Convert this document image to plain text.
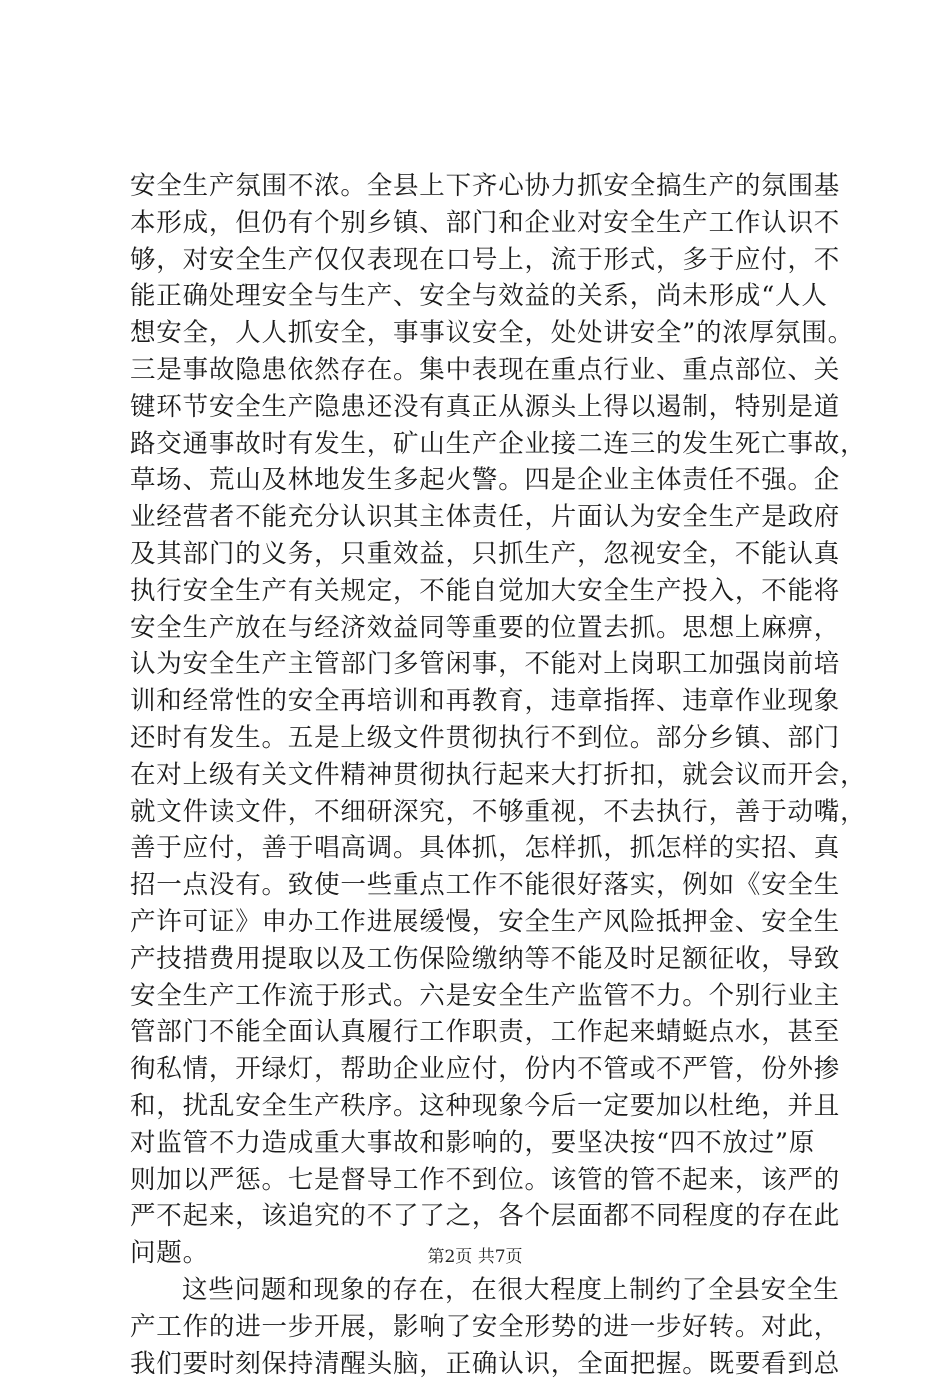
安全生产氛围不浓。全县上下齐心协力抓安全搞生产的氛围基
本形成，但仍有个别乡镇、部门和企业对安全生产工作认识不
够，对安全生产仅仅表现在口号上，流于形式，多于应付，不
能正确处理安全与生产、安全与效益的关系，尚未形成“人人
想安全，人人抓安全，事事议安全，处处讲安全”的浓厚氛围。
三是事故隐患依然存在。集中表现在重点行业、重点部位、关
键环节安全生产隐患还没有真正从源头上得以遏制，特别是道
路交通事故时有发生，矿山生产企业接二连三的发生死亡事故，
草场、荒山及林地发生多起火警。四是企业主体责任不强。企
业经营者不能充分认识其主体责任，片面认为安全生产是政府
及其部门的义务，只重效益，只抓生产，忽视安全，不能认真
执行安全生产有关规定，不能自觉加大安全生产投入，不能将
安全生产放在与经济效益同等重要的位置去抓。思想上麻痹，
认为安全生产主管部门多管闲事，不能对上岗职工加强岗前培
训和经常性的安全再培训和再教育，违章指挥、违章作业现象
还时有发生。五是上级文件贯彻执行不到位。部分乡镇、部门
在对上级有关文件精神贯彻执行起来大打折扣，就会议而开会，
就文件读文件，不细研深究，不够重视，不去执行，善于动嘴，
善于应付，善于唱高调。具体抓，怎样抓，抓怎样的实招、真
招一点没有。致使一些重点工作不能很好落实，例如《安全生
产许可证》申办工作进展缓慢，安全生产风险抵押金、安全生
产技措费用提取以及工伤保险缴纳等不能及时足额征收，导致
安全生产工作流于形式。六是安全生产监管不力。个别行业主
管部门不能全面认真履行工作职责，工作起来蜻蜓点水，甚至
徇私情，开绿灯，帮助企业应付，份内不管或不严管，份外掺
和，扰乱安全生产秩序。这种现象今后一定要加以杜绝，并且
对监管不力造成重大事故和影响的，要坚决按“四不放过”原
则加以严惩。七是督导工作不到位。该管的管不起来，该严的
严不起来，该追究的不了了之，各个层面都不同程度的存在此
问题。
这些问题和现象的存在，在很大程度上制约了全县安全生
产工作的进一步开展，影响了安全形势的进一步好转。对此，
我们要时刻保持清醒头脑，正确认识，全面把握。既要看到总
第2页 共7页
